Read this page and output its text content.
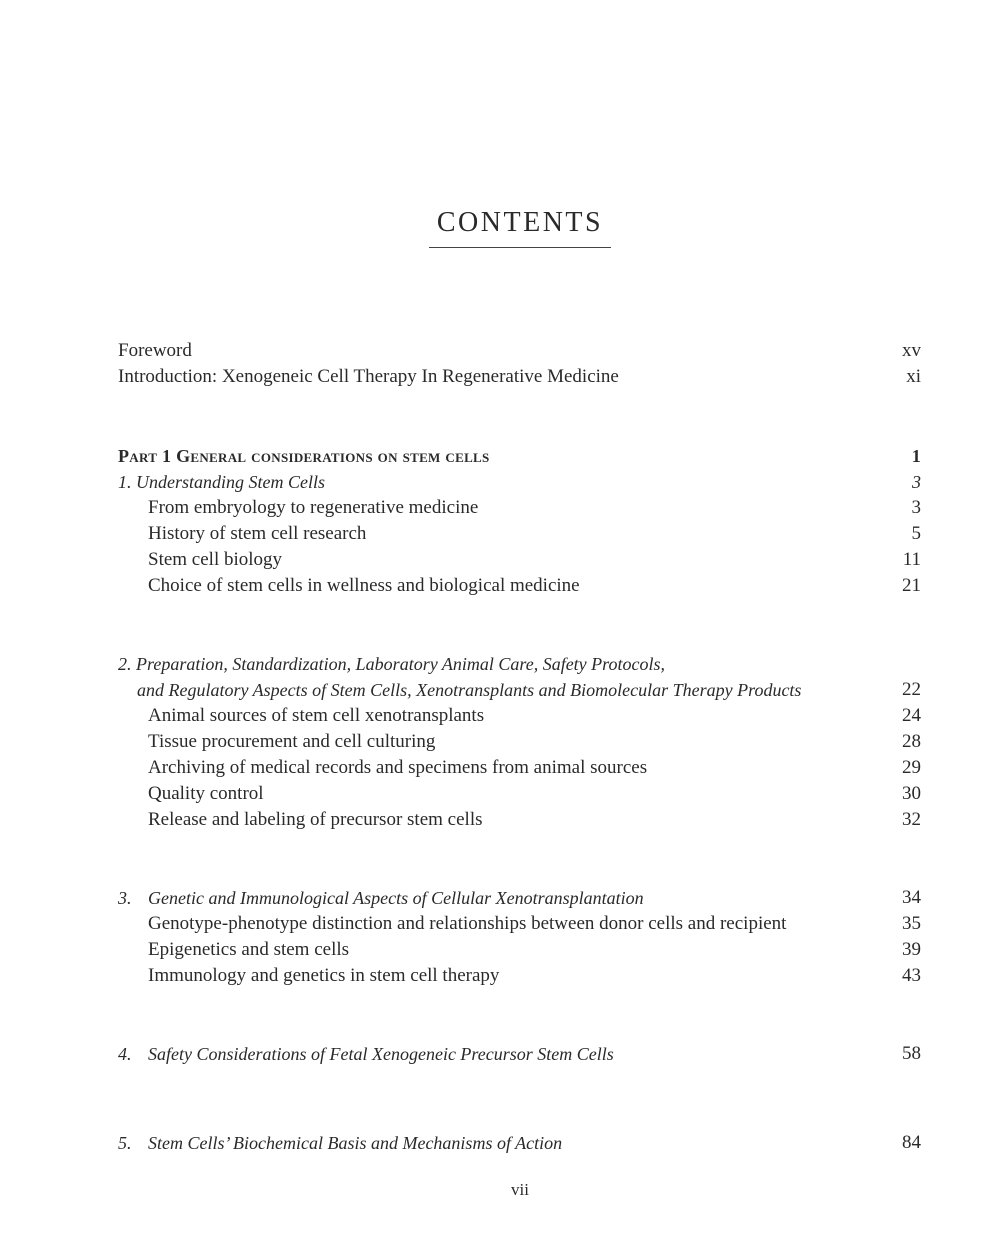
CONTENTS
Foreword	xv
Introduction: Xenogeneic Cell Therapy In Regenerative Medicine	xi
Part 1 General considerations on stem cells	1
1. Understanding Stem Cells	3
From embryology to regenerative medicine	3
History of stem cell research	5
Stem cell biology	11
Choice of stem cells in wellness and biological medicine	21
2. Preparation, Standardization, Laboratory Animal Care, Safety Protocols,
and Regulatory Aspects of Stem Cells, Xenotransplants and Biomolecular Therapy Products	22
Animal sources of stem cell xenotransplants	24
Tissue procurement and cell culturing	28
Archiving of medical records and specimens from animal sources	29
Quality control	30
Release and labeling of precursor stem cells	32
3. Genetic and Immunological Aspects of Cellular Xenotransplantation	34
Genotype-phenotype distinction and relationships between donor cells and recipient	35
Epigenetics and stem cells	39
Immunology and genetics in stem cell therapy	43
4. Safety Considerations of Fetal Xenogeneic Precursor Stem Cells	58
5. Stem Cells’ Biochemical Basis and Mechanisms of Action	84
vii
